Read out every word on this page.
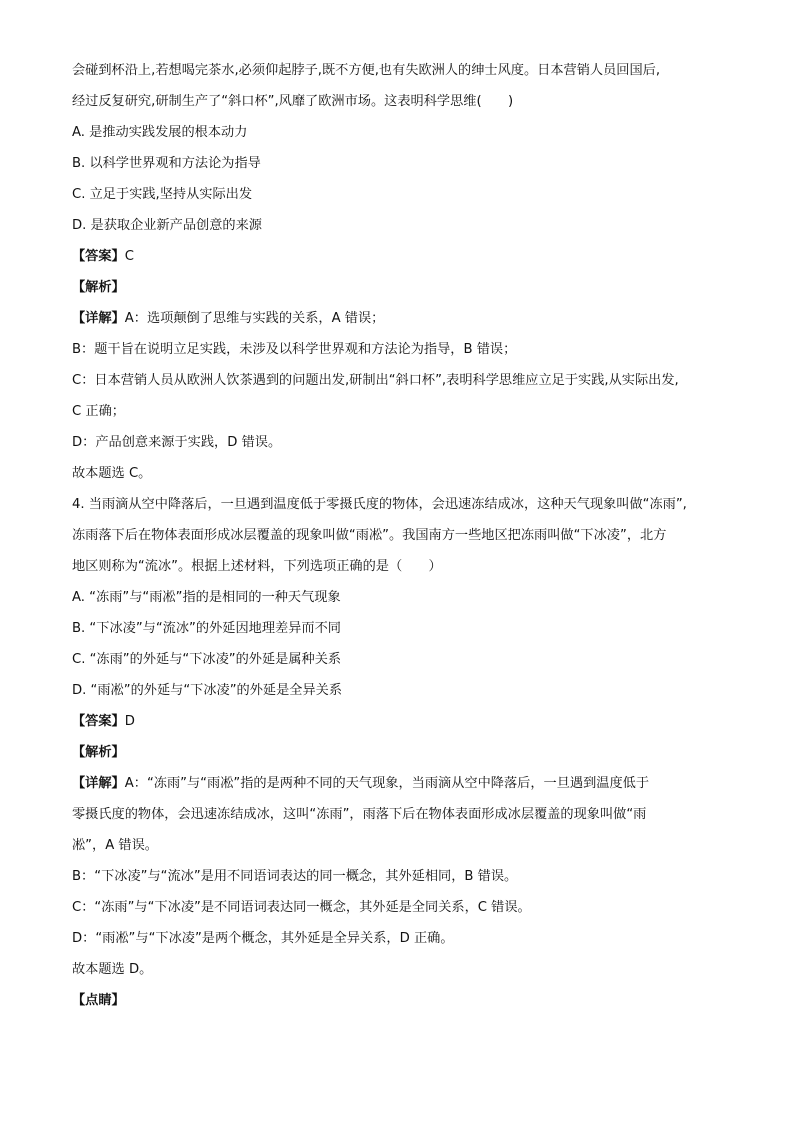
会碰到杯沿上,若想喝完茶水,必须仰起脖子,既不方便,也有失欧洲人的绅士风度。日本营销人员回国后,
经过反复研究,研制生产了“斜口杯”,风靡了欧洲市场。这表明科学思维(　　)
A. 是推动实践发展的根本动力
B. 以科学世界观和方法论为指导
C. 立足于实践,坚持从实际出发
D. 是获取企业新产品创意的来源
【答案】C
【解析】
【详解】A：选项颠倒了思维与实践的关系，A 错误；
B：题干旨在说明立足实践，未涉及以科学世界观和方法论为指导，B 错误；
C：日本营销人员从欧洲人饮茶遇到的问题出发,研制出“斜口杯”,表明科学思维应立足于实践,从实际出发,
C 正确；
D：产品创意来源于实践，D 错误。
故本题选 C。
4. 当雨滴从空中降落后，一旦遇到温度低于零摄氏度的物体，会迅速冻结成冰，这种天气现象叫做“冻雨”,
冻雨落下后在物体表面形成冰层覆盖的现象叫做“雨凇”。我国南方一些地区把冻雨叫做“下冰凌”，北方
地区则称为“流冰”。根据上述材料，下列选项正确的是（　　）
A. “冻雨”与“雨凇”指的是相同的一种天气现象
B. “下冰凌”与“流冰”的外延因地理差异而不同
C. “冻雨”的外延与“下冰凌”的外延是属种关系
D. “雨凇”的外延与“下冰凌”的外延是全异关系
【答案】D
【解析】
【详解】A：“冻雨”与“雨凇”指的是两种不同的天气现象，当雨滴从空中降落后，一旦遇到温度低于
零摄氏度的物体，会迅速冻结成冰，这叫“冻雨”，雨落下后在物体表面形成冰层覆盖的现象叫做“雨
凇”，A 错误。
B：“下冰凌”与“流冰”是用不同语词表达的同一概念，其外延相同，B 错误。
C：“冻雨”与“下冰凌”是不同语词表达同一概念，其外延是全同关系，C 错误。
D：“雨凇”与“下冰凌”是两个概念，其外延是全异关系，D 正确。
故本题选 D。
【点睛】
